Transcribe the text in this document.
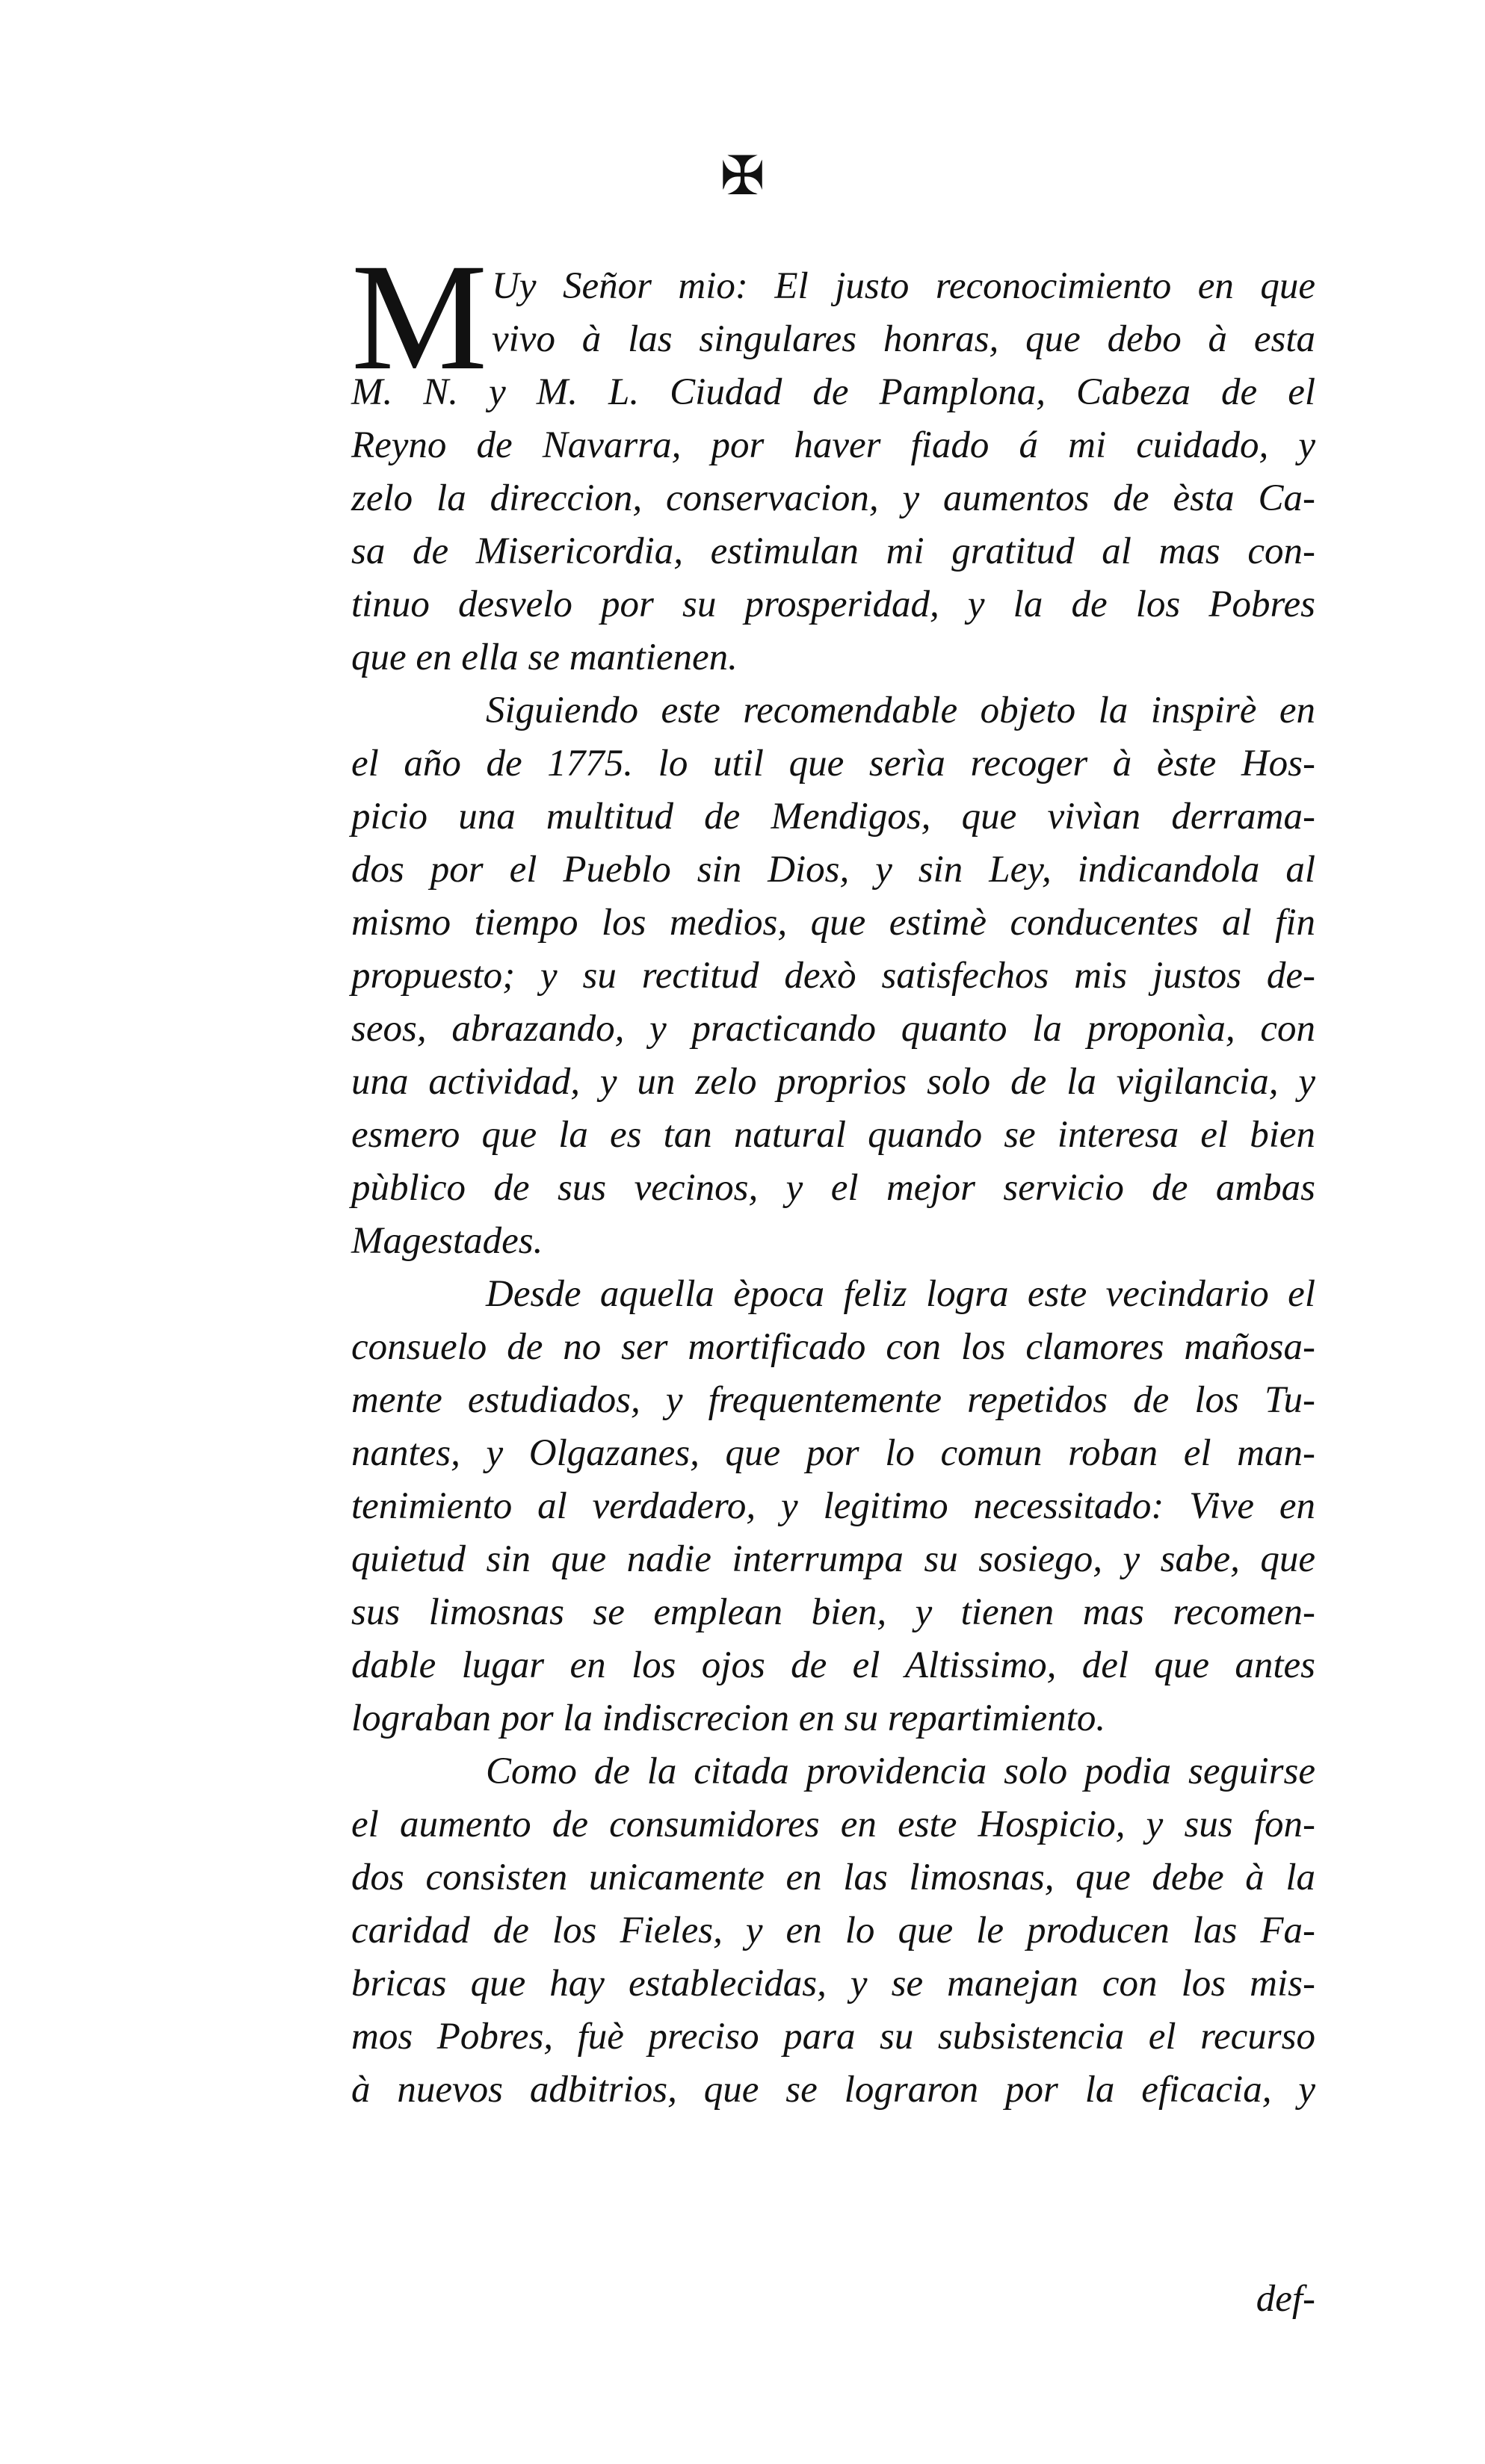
✠
M Uy Señor mio: El justo reconocimiento en que
vivo à las singulares honras, que debo à esta
M. N. y M. L. Ciudad de Pamplona, Cabeza de el
Reyno de Navarra, por haver fiado á mi cuidado, y
zelo la direccion, conservacion, y aumentos de èsta Ca-
sa de Misericordia, estimulan mi gratitud al mas con-
tinuo desvelo por su prosperidad, y la de los Pobres
que en ella se mantienen.
Siguiendo este recomendable objeto la inspirè en
el año de 1775. lo util que serìa recoger à èste Hos-
picio una multitud de Mendigos, que vivìan derrama-
dos por el Pueblo sin Dios, y sin Ley, indicandola al
mismo tiempo los medios, que estimè conducentes al fin
propuesto; y su rectitud dexò satisfechos mis justos de-
seos, abrazando, y practicando quanto la proponìa, con
una actividad, y un zelo proprios solo de la vigilancia, y
esmero que la es tan natural quando se interesa el bien
pùblico de sus vecinos, y el mejor servicio de ambas
Magestades.
Desde aquella època feliz logra este vecindario el
consuelo de no ser mortificado con los clamores mañosa-
mente estudiados, y frequentemente repetidos de los Tu-
nantes, y Olgazanes, que por lo comun roban el man-
tenimiento al verdadero, y legitimo necessitado: Vive en
quietud sin que nadie interrumpa su sosiego, y sabe, que
sus limosnas se emplean bien, y tienen mas recomen-
dable lugar en los ojos de el Altissimo, del que antes
lograban por la indiscrecion en su repartimiento.
Como de la citada providencia solo podia seguirse
el aumento de consumidores en este Hospicio, y sus fon-
dos consisten unicamente en las limosnas, que debe à la
caridad de los Fieles, y en lo que le producen las Fa-
bricas que hay establecidas, y se manejan con los mis-
mos Pobres, fuè preciso para su subsistencia el recurso
à nuevos adbitrios, que se lograron por la eficacia, y
def-
